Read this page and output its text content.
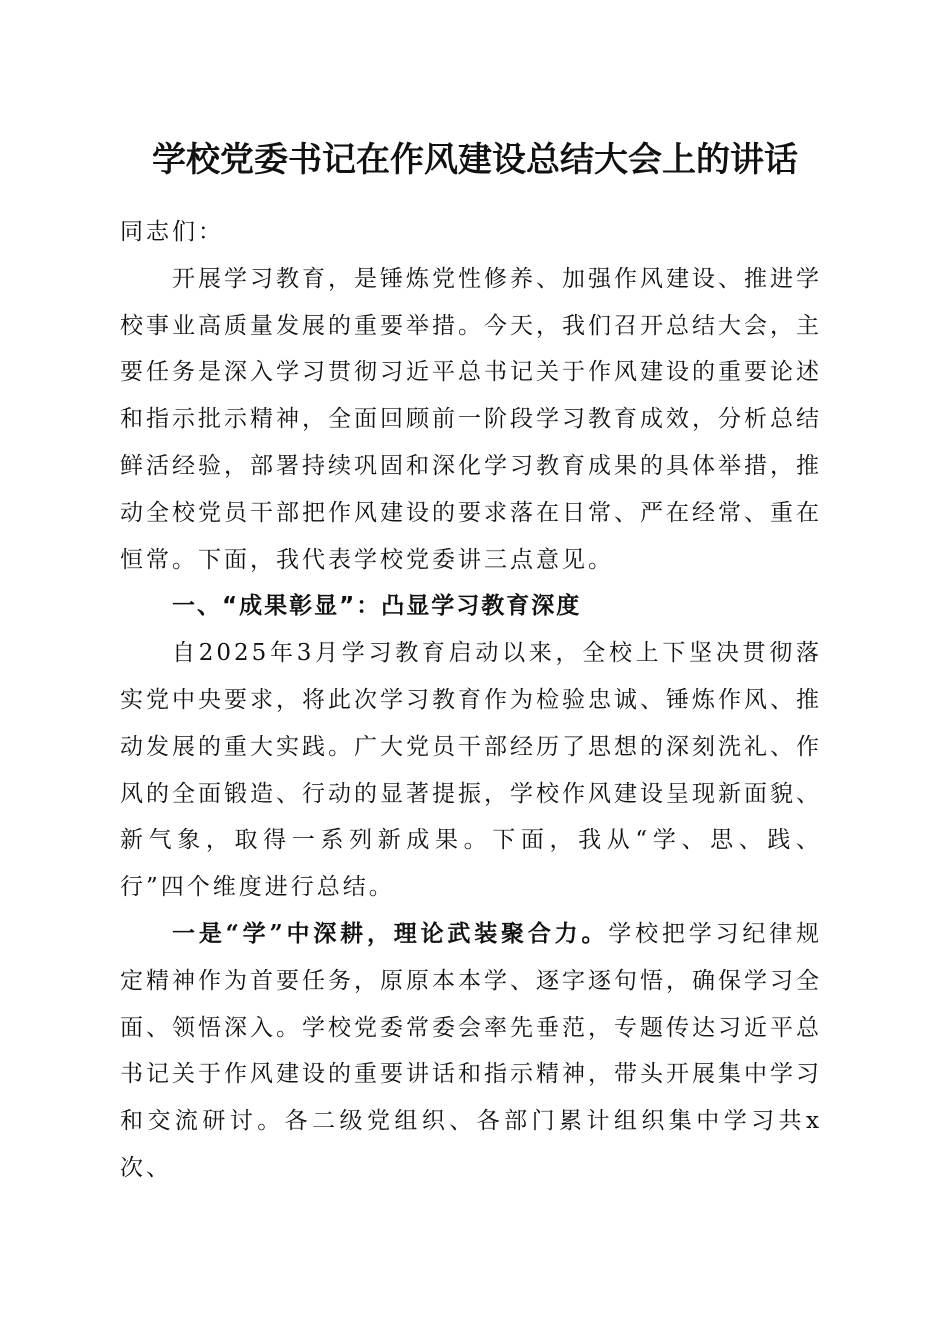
学校党委书记在作风建设总结大会上的讲话

同志们：

开展学习教育，是锤炼党性修养、加强作风建设、推进学校事业高质量发展的重要举措。今天，我们召开总结大会，主要任务是深入学习贯彻习近平总书记关于作风建设的重要论述和指示批示精神，全面回顾前一阶段学习教育成效，分析总结鲜活经验，部署持续巩固和深化学习教育成果的具体举措，推动全校党员干部把作风建设的要求落在日常、严在经常、重在恒常。下面，我代表学校党委讲三点意见。

一、“成果彰显”：凸显学习教育深度

自2025年3月学习教育启动以来，全校上下坚决贯彻落实党中央要求，将此次学习教育作为检验忠诚、锤炼作风、推动发展的重大实践。广大党员干部经历了思想的深刻洗礼、作风的全面锻造、行动的显著提振，学校作风建设呈现新面貌、新气象，取得一系列新成果。下面，我从“学、思、践、行”四个维度进行总结。

一是“学”中深耕，理论武装聚合力。学校把学习纪律规定精神作为首要任务，原原本本学、逐字逐句悟，确保学习全面、领悟深入。学校党委常委会率先垂范，专题传达习近平总书记关于作风建设的重要讲话和指示精神，带头开展集中学习和交流研讨。各二级党组织、各部门累计组织集中学习共x次、
